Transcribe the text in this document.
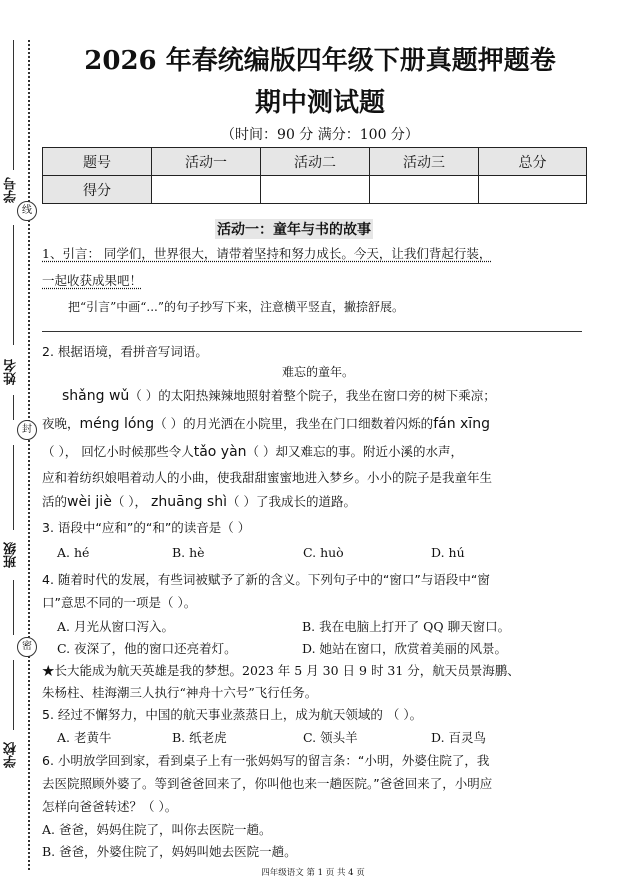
学号
线
姓名
封
班级
密
学校
2026 年春统编版四年级下册真题押题卷
期中测试题
（时间：90 分 满分：100 分）
题号	活动一	活动二	活动三	总分
得分				
活动一：童年与书的故事
1、引言： 同学们，世界很大，请带着坚持和努力成长。今天，让我们背起行装，
一起收获成果吧！
把“引言”中画“...”的句子抄写下来，注意横平竖直，撇捺舒展。
2. 根据语境，看拼音写词语。
难忘的童年。
shǎng wǔ（ ）的太阳热辣辣地照射着整个院子，我坐在窗口旁的树下乘凉；
夜晚，méng lóng（ ）的月光洒在小院里，我坐在门口细数着闪烁的fán xīng
（ ）， 回忆小时候那些令人tǎo yàn（ ）却又难忘的事。附近小溪的水声，
应和着纺织娘唱着动人的小曲，使我甜甜蜜蜜地进入梦乡。小小的院子是我童年生
活的wèi jiè（ ）， zhuāng shì（ ）了我成长的道路。
3. 语段中“应和”的“和”的读音是（ ）
A. hé	B. hè	C. huò	D. hú
4. 随着时代的发展，有些词被赋予了新的含义。下列句子中的“窗口”与语段中“窗
口”意思不同的一项是（ ）。
A. 月光从窗口泻入。	B. 我在电脑上打开了 QQ 聊天窗口。
C. 夜深了，他的窗口还亮着灯。	D. 她站在窗口，欣赏着美丽的风景。
★长大能成为航天英雄是我的梦想。2023 年 5 月 30 日 9 时 31 分，航天员景海鹏、
朱杨柱、桂海潮三人执行“神舟十六号”飞行任务。
5. 经过不懈努力，中国的航天事业蒸蒸日上，成为航天领域的 （ ）。
A. 老黄牛	B. 纸老虎	C. 领头羊	D. 百灵鸟
6. 小明放学回到家，看到桌子上有一张妈妈写的留言条：“小明，外婆住院了，我
去医院照顾外婆了。等到爸爸回来了，你叫他也来一趟医院。”爸爸回来了，小明应
怎样向爸爸转述？（ ）。
A. 爸爸，妈妈住院了，叫你去医院一趟。
B. 爸爸，外婆住院了，妈妈叫她去医院一趟。
四年级语文 第 1 页 共 4 页
